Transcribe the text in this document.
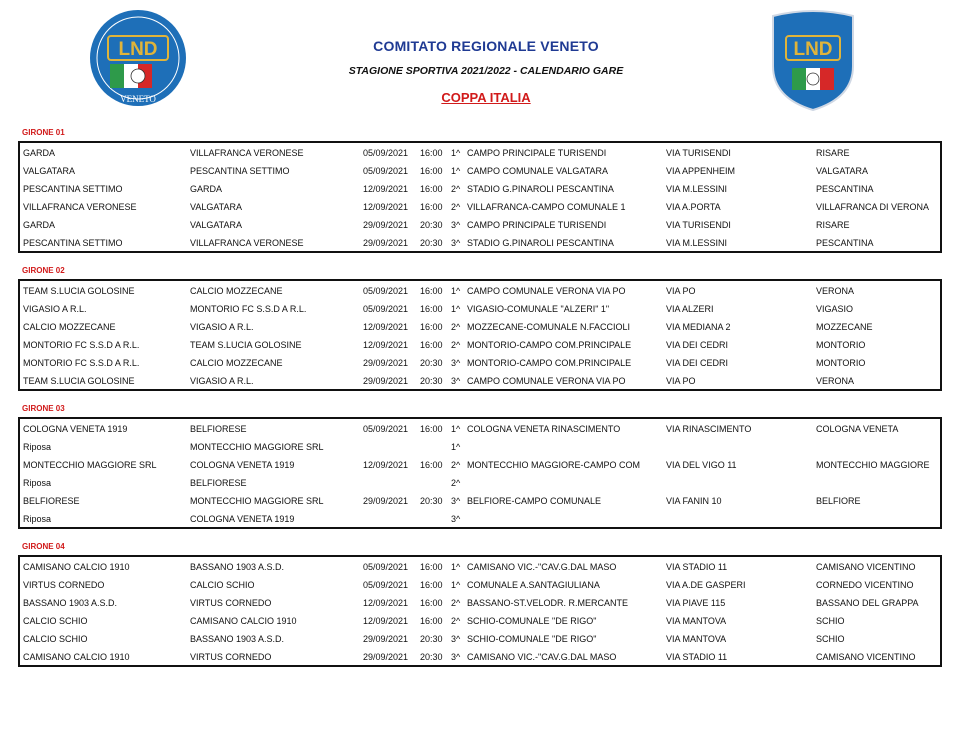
LND
VENETO
LND
COMITATO REGIONALE VENETO
STAGIONE SPORTIVA 2021/2022 - CALENDARIO GARE
COPPA ITALIA
GIRONE 01
GARDA	VILLAFRANCA VERONESE	05/09/2021 16:00 1^ CAMPO PRINCIPALE TURISENDI	VIA TURISENDI	RISARE
VALGATARA	PESCANTINA SETTIMO	05/09/2021 16:00 1^ CAMPO COMUNALE VALGATARA	VIA APPENHEIM	VALGATARA
PESCANTINA SETTIMO	GARDA	12/09/2021 16:00 2^ STADIO G.PINAROLI PESCANTINA	VIA M.LESSINI	PESCANTINA
VILLAFRANCA VERONESE	VALGATARA	12/09/2021 16:00 2^ VILLAFRANCA-CAMPO COMUNALE 1	VIA A.PORTA	VILLAFRANCA DI VERONA
GARDA	VALGATARA	29/09/2021 20:30 3^ CAMPO PRINCIPALE TURISENDI	VIA TURISENDI	RISARE
PESCANTINA SETTIMO	VILLAFRANCA VERONESE	29/09/2021 20:30 3^ STADIO G.PINAROLI PESCANTINA	VIA M.LESSINI	PESCANTINA
GIRONE 02
TEAM S.LUCIA GOLOSINE	CALCIO MOZZECANE	05/09/2021 16:00 1^ CAMPO COMUNALE VERONA VIA PO	VIA PO	VERONA
VIGASIO A R.L.	MONTORIO FC S.S.D A R.L.	05/09/2021 16:00 1^ VIGASIO-COMUNALE "ALZERI" 1"	VIA ALZERI	VIGASIO
CALCIO MOZZECANE	VIGASIO A R.L.	12/09/2021 16:00 2^ MOZZECANE-COMUNALE N.FACCIOLI	VIA MEDIANA 2	MOZZECANE
MONTORIO FC S.S.D A R.L.	TEAM S.LUCIA GOLOSINE	12/09/2021 16:00 2^ MONTORIO-CAMPO COM.PRINCIPALE	VIA DEI CEDRI	MONTORIO
MONTORIO FC S.S.D A R.L.	CALCIO MOZZECANE	29/09/2021 20:30 3^ MONTORIO-CAMPO COM.PRINCIPALE	VIA DEI CEDRI	MONTORIO
TEAM S.LUCIA GOLOSINE	VIGASIO A R.L.	29/09/2021 20:30 3^ CAMPO COMUNALE VERONA VIA PO	VIA PO	VERONA
GIRONE 03
COLOGNA VENETA 1919	BELFIORESE	05/09/2021 16:00 1^ COLOGNA VENETA RINASCIMENTO	VIA RINASCIMENTO	COLOGNA VENETA
Riposa	MONTECCHIO MAGGIORE SRL	1^
MONTECCHIO MAGGIORE SRL	COLOGNA VENETA 1919	12/09/2021 16:00 2^ MONTECCHIO MAGGIORE-CAMPO COM	VIA DEL VIGO 11	MONTECCHIO MAGGIORE
Riposa	BELFIORESE	2^
BELFIORESE	MONTECCHIO MAGGIORE SRL	29/09/2021 20:30 3^ BELFIORE-CAMPO COMUNALE	VIA FANIN 10	BELFIORE
Riposa	COLOGNA VENETA 1919	3^
GIRONE 04
CAMISANO CALCIO 1910	BASSANO 1903 A.S.D.	05/09/2021 16:00 1^ CAMISANO VIC.-"CAV.G.DAL MASO	VIA STADIO 11	CAMISANO VICENTINO
VIRTUS CORNEDO	CALCIO SCHIO	05/09/2021 16:00 1^ COMUNALE A.SANTAGIULIANA	VIA A.DE GASPERI	CORNEDO VICENTINO
BASSANO 1903 A.S.D.	VIRTUS CORNEDO	12/09/2021 16:00 2^ BASSANO-ST.VELODR. R.MERCANTE	VIA PIAVE 115	BASSANO DEL GRAPPA
CALCIO SCHIO	CAMISANO CALCIO 1910	12/09/2021 16:00 2^ SCHIO-COMUNALE "DE RIGO"	VIA MANTOVA	SCHIO
CALCIO SCHIO	BASSANO 1903 A.S.D.	29/09/2021 20:30 3^ SCHIO-COMUNALE "DE RIGO"	VIA MANTOVA	SCHIO
CAMISANO CALCIO 1910	VIRTUS CORNEDO	29/09/2021 20:30 3^ CAMISANO VIC.-"CAV.G.DAL MASO	VIA STADIO 11	CAMISANO VICENTINO
